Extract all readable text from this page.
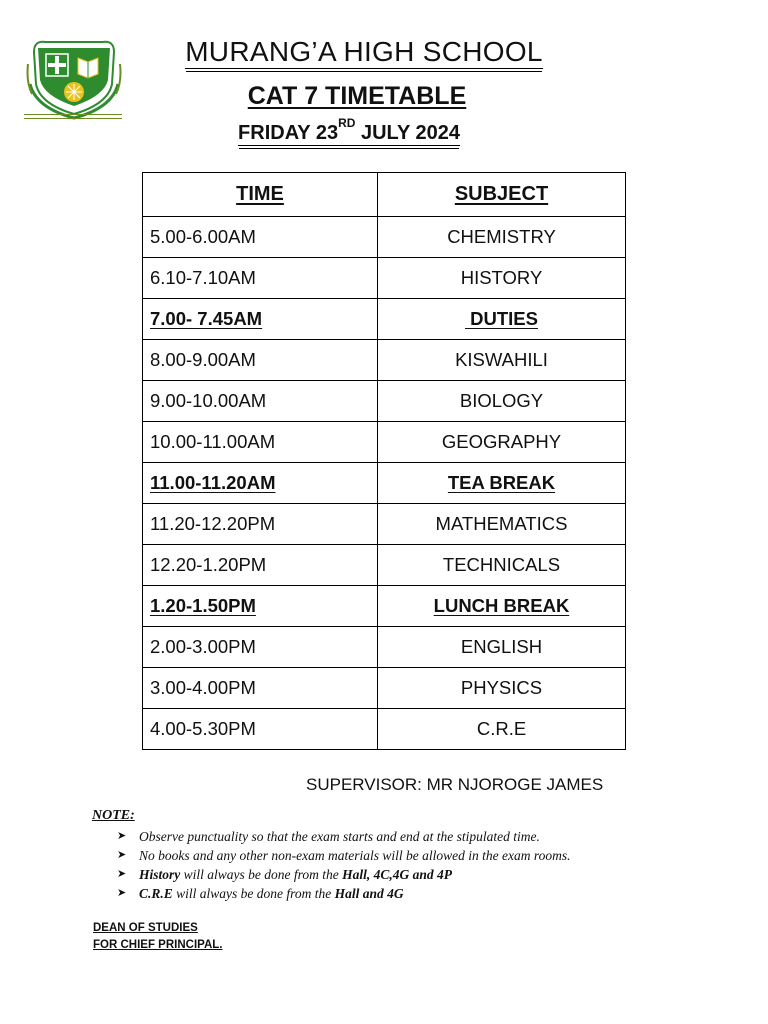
MURANG’A HIGH SCHOOL
CAT 7 TIMETABLE
FRIDAY 23RD JULY 2024
TIME	SUBJECT
5.00-6.00AM	CHEMISTRY
6.10-7.10AM	HISTORY
7.00- 7.45AM	DUTIES
8.00-9.00AM	KISWAHILI
9.00-10.00AM	BIOLOGY
10.00-11.00AM	GEOGRAPHY
11.00-11.20AM	TEA BREAK
11.20-12.20PM	MATHEMATICS
12.20-1.20PM	TECHNICALS
1.20-1.50PM	LUNCH BREAK
2.00-3.00PM	ENGLISH
3.00-4.00PM	PHYSICS
4.00-5.30PM	C.R.E
SUPERVISOR: MR NJOROGE JAMES
NOTE:
➤ Observe punctuality so that the exam starts and end at the stipulated time.
➤ No books and any other non-exam materials will be allowed in the exam rooms.
➤ History will always be done from the Hall, 4C,4G and 4P
➤ C.R.E will always be done from the Hall and 4G
DEAN OF STUDIES
FOR CHIEF PRINCIPAL.
